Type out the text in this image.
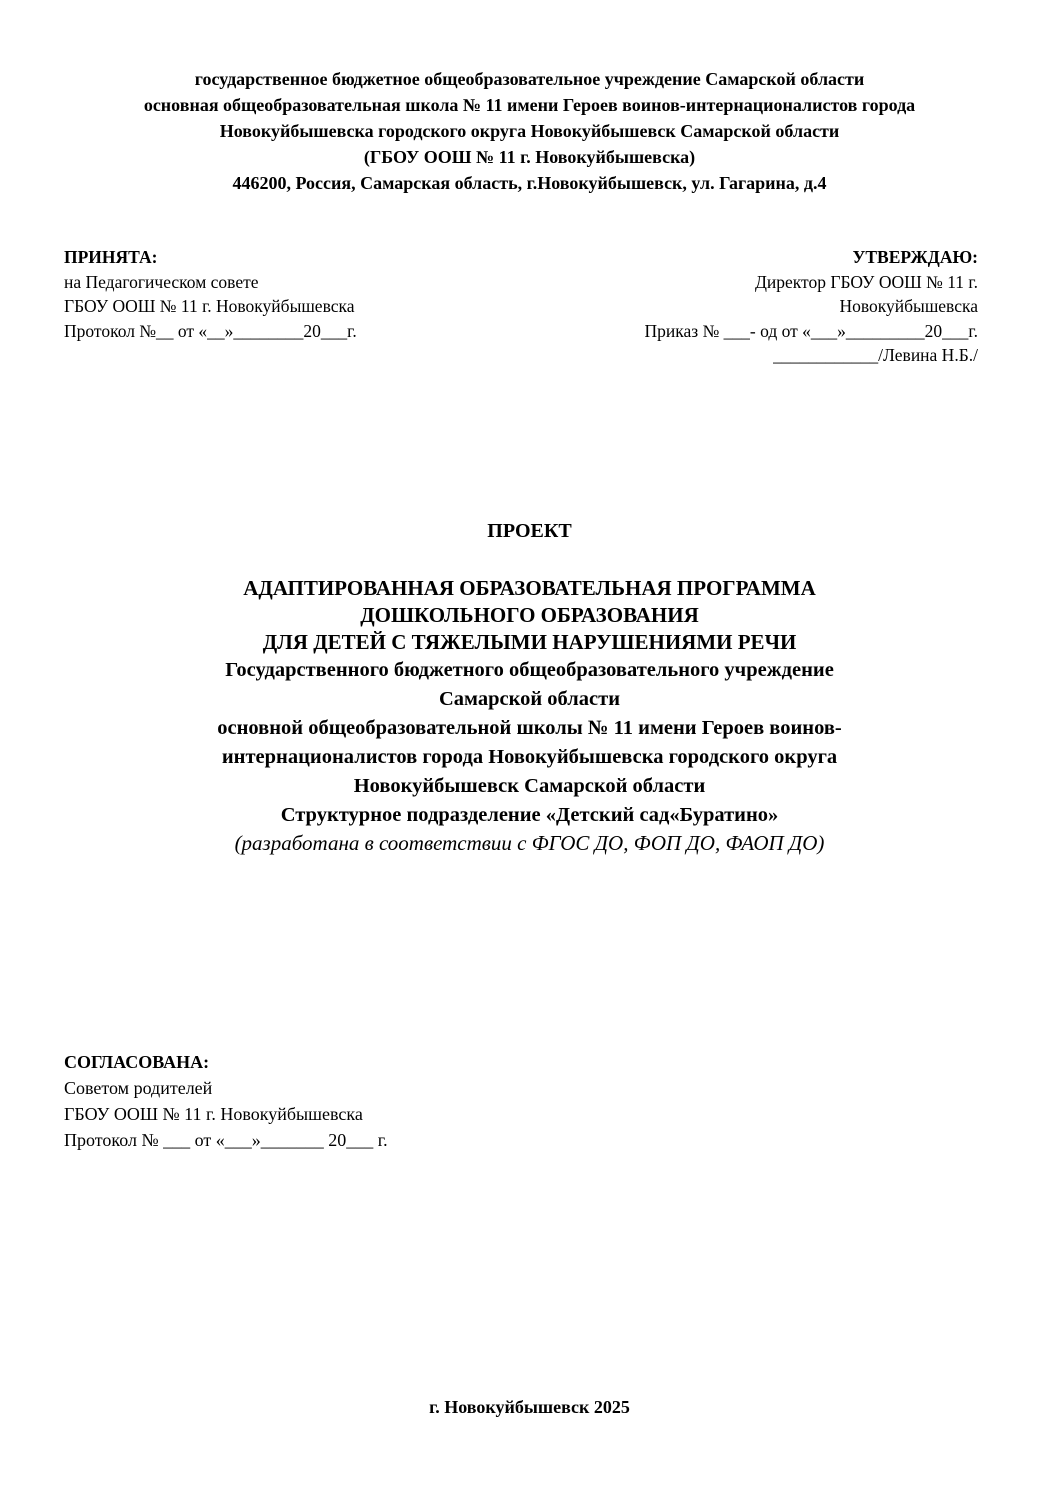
государственное бюджетное общеобразовательное учреждение Самарской области
основная общеобразовательная школа № 11 имени Героев воинов-интернационалистов города
Новокуйбышевска городского округа Новокуйбышевск Самарской области
(ГБОУ ООШ № 11 г. Новокуйбышевска)
446200, Россия, Самарская область, г.Новокуйбышевск, ул. Гагарина, д.4
ПРИНЯТА:
на Педагогическом совете
ГБОУ ООШ № 11 г. Новокуйбышевска
Протокол №__ от «__»________20___г.
УТВЕРЖДАЮ:
Директор ГБОУ ООШ № 11 г.
Новокуйбышевска
Приказ № ___- од от «___»_________20___г.
____________/Левина Н.Б./
ПРОЕКТ
АДАПТИРОВАННАЯ ОБРАЗОВАТЕЛЬНАЯ ПРОГРАММА
ДОШКОЛЬНОГО ОБРАЗОВАНИЯ
ДЛЯ ДЕТЕЙ С ТЯЖЕЛЫМИ НАРУШЕНИЯМИ РЕЧИ
Государственного бюджетного общеобразовательного учреждение
Самарской области
основной общеобразовательной школы № 11 имени Героев воинов-
интернационалистов города Новокуйбышевска городского округа
Новокуйбышевск Самарской области
Структурное подразделение «Детский сад«Буратино»
(разработана в соответствии с ФГОС ДО, ФОП ДО, ФАОП ДО)
СОГЛАСОВАНА:
Советом родителей
ГБОУ ООШ № 11 г. Новокуйбышевска
Протокол № ___ от «___»_______ 20___ г.
г. Новокуйбышевск 2025
